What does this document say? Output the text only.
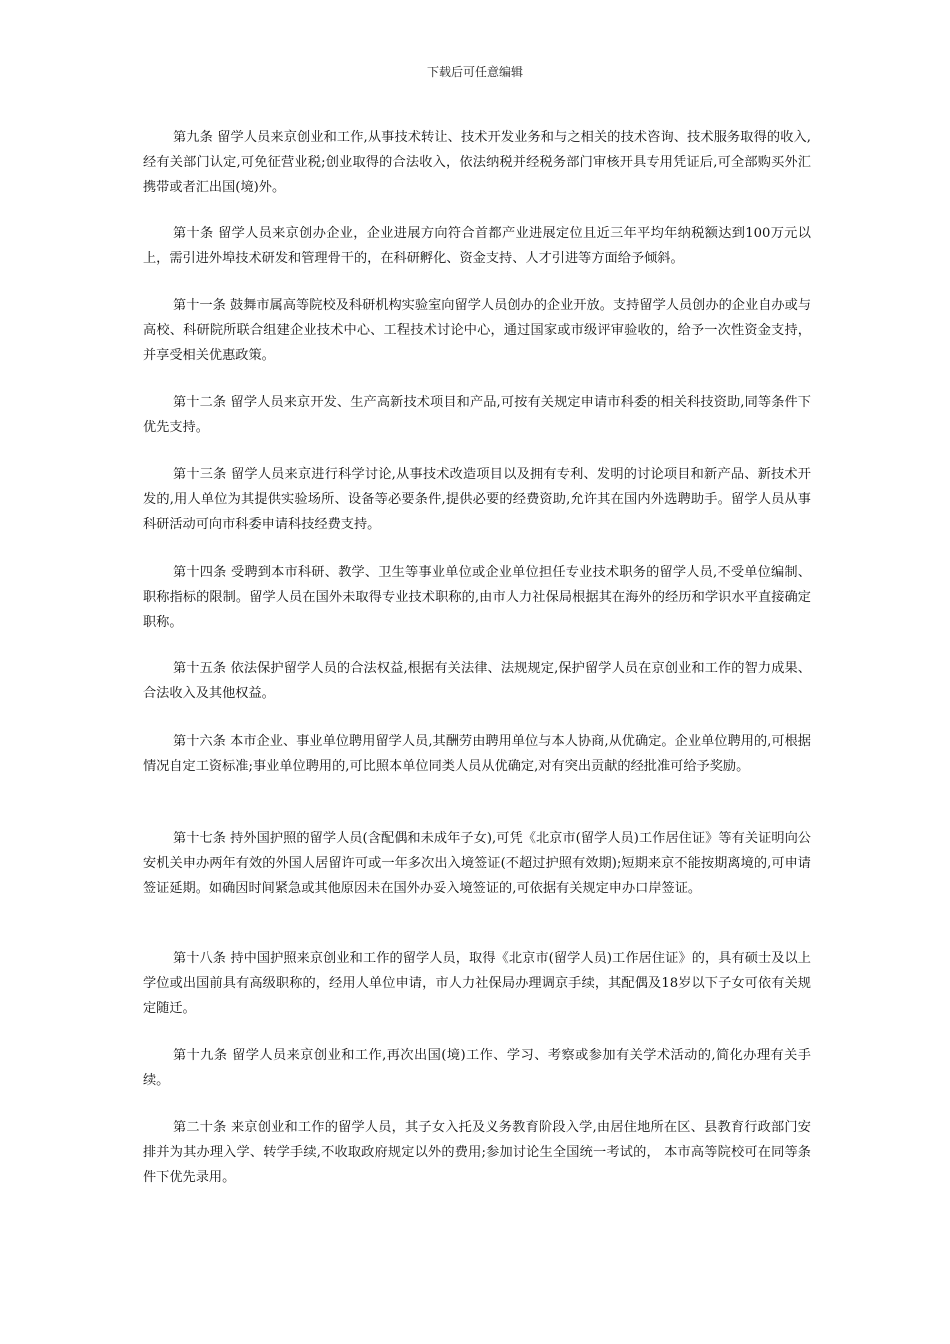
下载后可任意编辑

第九条 留学人员来京创业和工作,从事技术转让、技术开发业务和与之相关的技术咨询、技术服务取得的收入,经有关部门认定,可免征营业税;创业取得的合法收入，依法纳税并经税务部门审核开具专用凭证后,可全部购买外汇携带或者汇出国(境)外。

第十条 留学人员来京创办企业，企业进展方向符合首都产业进展定位且近三年平均年纳税额达到100万元以上，需引进外埠技术研发和管理骨干的，在科研孵化、资金支持、人才引进等方面给予倾斜。

第十一条 鼓舞市属高等院校及科研机构实验室向留学人员创办的企业开放。支持留学人员创办的企业自办或与高校、科研院所联合组建企业技术中心、工程技术讨论中心，通过国家或市级评审验收的，给予一次性资金支持，并享受相关优惠政策。

第十二条 留学人员来京开发、生产高新技术项目和产品,可按有关规定申请市科委的相关科技资助,同等条件下优先支持。

第十三条 留学人员来京进行科学讨论,从事技术改造项目以及拥有专利、发明的讨论项目和新产品、新技术开发的,用人单位为其提供实验场所、设备等必要条件,提供必要的经费资助,允许其在国内外选聘助手。留学人员从事科研活动可向市科委申请科技经费支持。

第十四条 受聘到本市科研、教学、卫生等事业单位或企业单位担任专业技术职务的留学人员,不受单位编制、职称指标的限制。留学人员在国外未取得专业技术职称的,由市人力社保局根据其在海外的经历和学识水平直接确定职称。

第十五条 依法保护留学人员的合法权益,根据有关法律、法规规定,保护留学人员在京创业和工作的智力成果、合法收入及其他权益。

第十六条 本市企业、事业单位聘用留学人员,其酬劳由聘用单位与本人协商,从优确定。企业单位聘用的,可根据情况自定工资标准;事业单位聘用的,可比照本单位同类人员从优确定,对有突出贡献的经批准可给予奖励。

第十七条 持外国护照的留学人员(含配偶和未成年子女),可凭《北京市(留学人员)工作居住证》等有关证明向公安机关申办两年有效的外国人居留许可或一年多次出入境签证(不超过护照有效期);短期来京不能按期离境的,可申请签证延期。如确因时间紧急或其他原因未在国外办妥入境签证的,可依据有关规定申办口岸签证。

第十八条 持中国护照来京创业和工作的留学人员，取得《北京市(留学人员)工作居住证》的，具有硕士及以上学位或出国前具有高级职称的，经用人单位申请，市人力社保局办理调京手续，其配偶及18岁以下子女可依有关规定随迁。

第十九条 留学人员来京创业和工作,再次出国(境)工作、学习、考察或参加有关学术活动的,简化办理有关手续。

第二十条 来京创业和工作的留学人员，其子女入托及义务教育阶段入学,由居住地所在区、县教育行政部门安排并为其办理入学、转学手续,不收取政府规定以外的费用;参加讨论生全国统一考试的， 本市高等院校可在同等条件下优先录用。
